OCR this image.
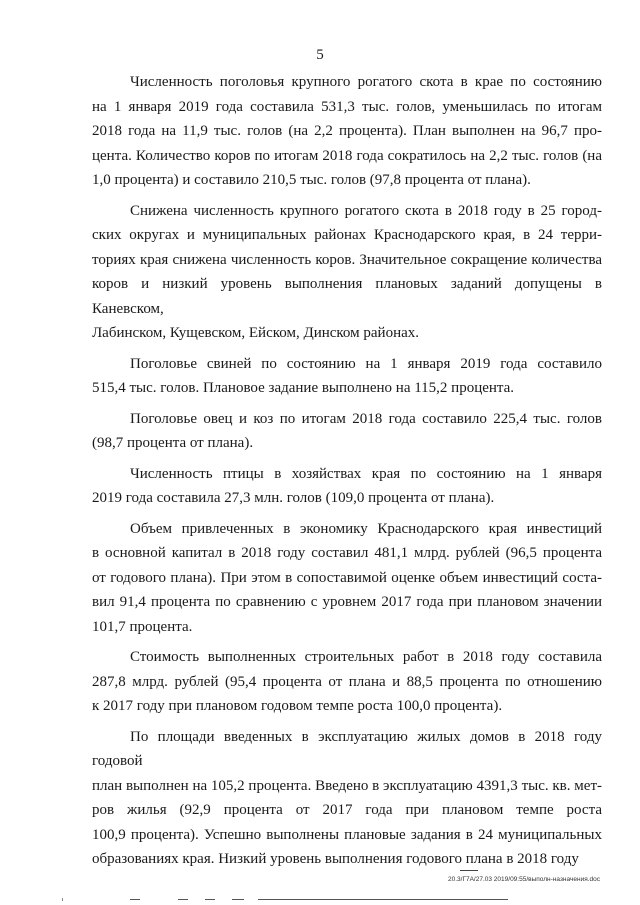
5
Численность поголовья крупного рогатого скота в крае по состоянию
на 1 января 2019 года составила 531,3 тыс. голов, уменьшилась по итогам
2018 года на 11,9 тыс. голов (на 2,2 процента). План выполнен на 96,7 про-
цента. Количество коров по итогам 2018 года сократилось на 2,2 тыс. голов (на
1,0 процента) и составило 210,5 тыс. голов (97,8 процента от плана).
Снижена численность крупного рогатого скота в 2018 году в 25 город-
ских округах и муниципальных районах Краснодарского края, в 24 терри-
ториях края снижена численность коров. Значительное сокращение количества
коров и низкий уровень выполнения плановых заданий допущены в Каневском,
Лабинском, Кущевском, Ейском, Динском районах.
Поголовье свиней по состоянию на 1 января 2019 года составило
515,4 тыс. голов. Плановое задание выполнено на 115,2 процента.
Поголовье овец и коз по итогам 2018 года составило 225,4 тыс. голов
(98,7 процента от плана).
Численность птицы в хозяйствах края по состоянию на 1 января
2019 года составила 27,3 млн. голов (109,0 процента от плана).
Объем привлеченных в экономику Краснодарского края инвестиций
в основной капитал в 2018 году составил 481,1 млрд. рублей (96,5 процента
от годового плана). При этом в сопоставимой оценке объем инвестиций соста-
вил 91,4 процента по сравнению с уровнем 2017 года при плановом значении
101,7 процента.
Стоимость выполненных строительных работ в 2018 году составила
287,8 млрд. рублей (95,4 процента от плана и 88,5 процента по отношению
к 2017 году при плановом годовом темпе роста 100,0 процента).
По площади введенных в эксплуатацию жилых домов в 2018 году годовой
план выполнен на 105,2 процента. Введено в эксплуатацию 4391,3 тыс. кв. мет-
ров жилья (92,9 процента от 2017 года при плановом темпе роста
100,9 процента). Успешно выполнены плановые задания в 24 муниципальных
образованиях края. Низкий уровень выполнения годового плана в 2018 году
20.3/Г7А/27.03 2019/09:55/выполн-назначения.doc
